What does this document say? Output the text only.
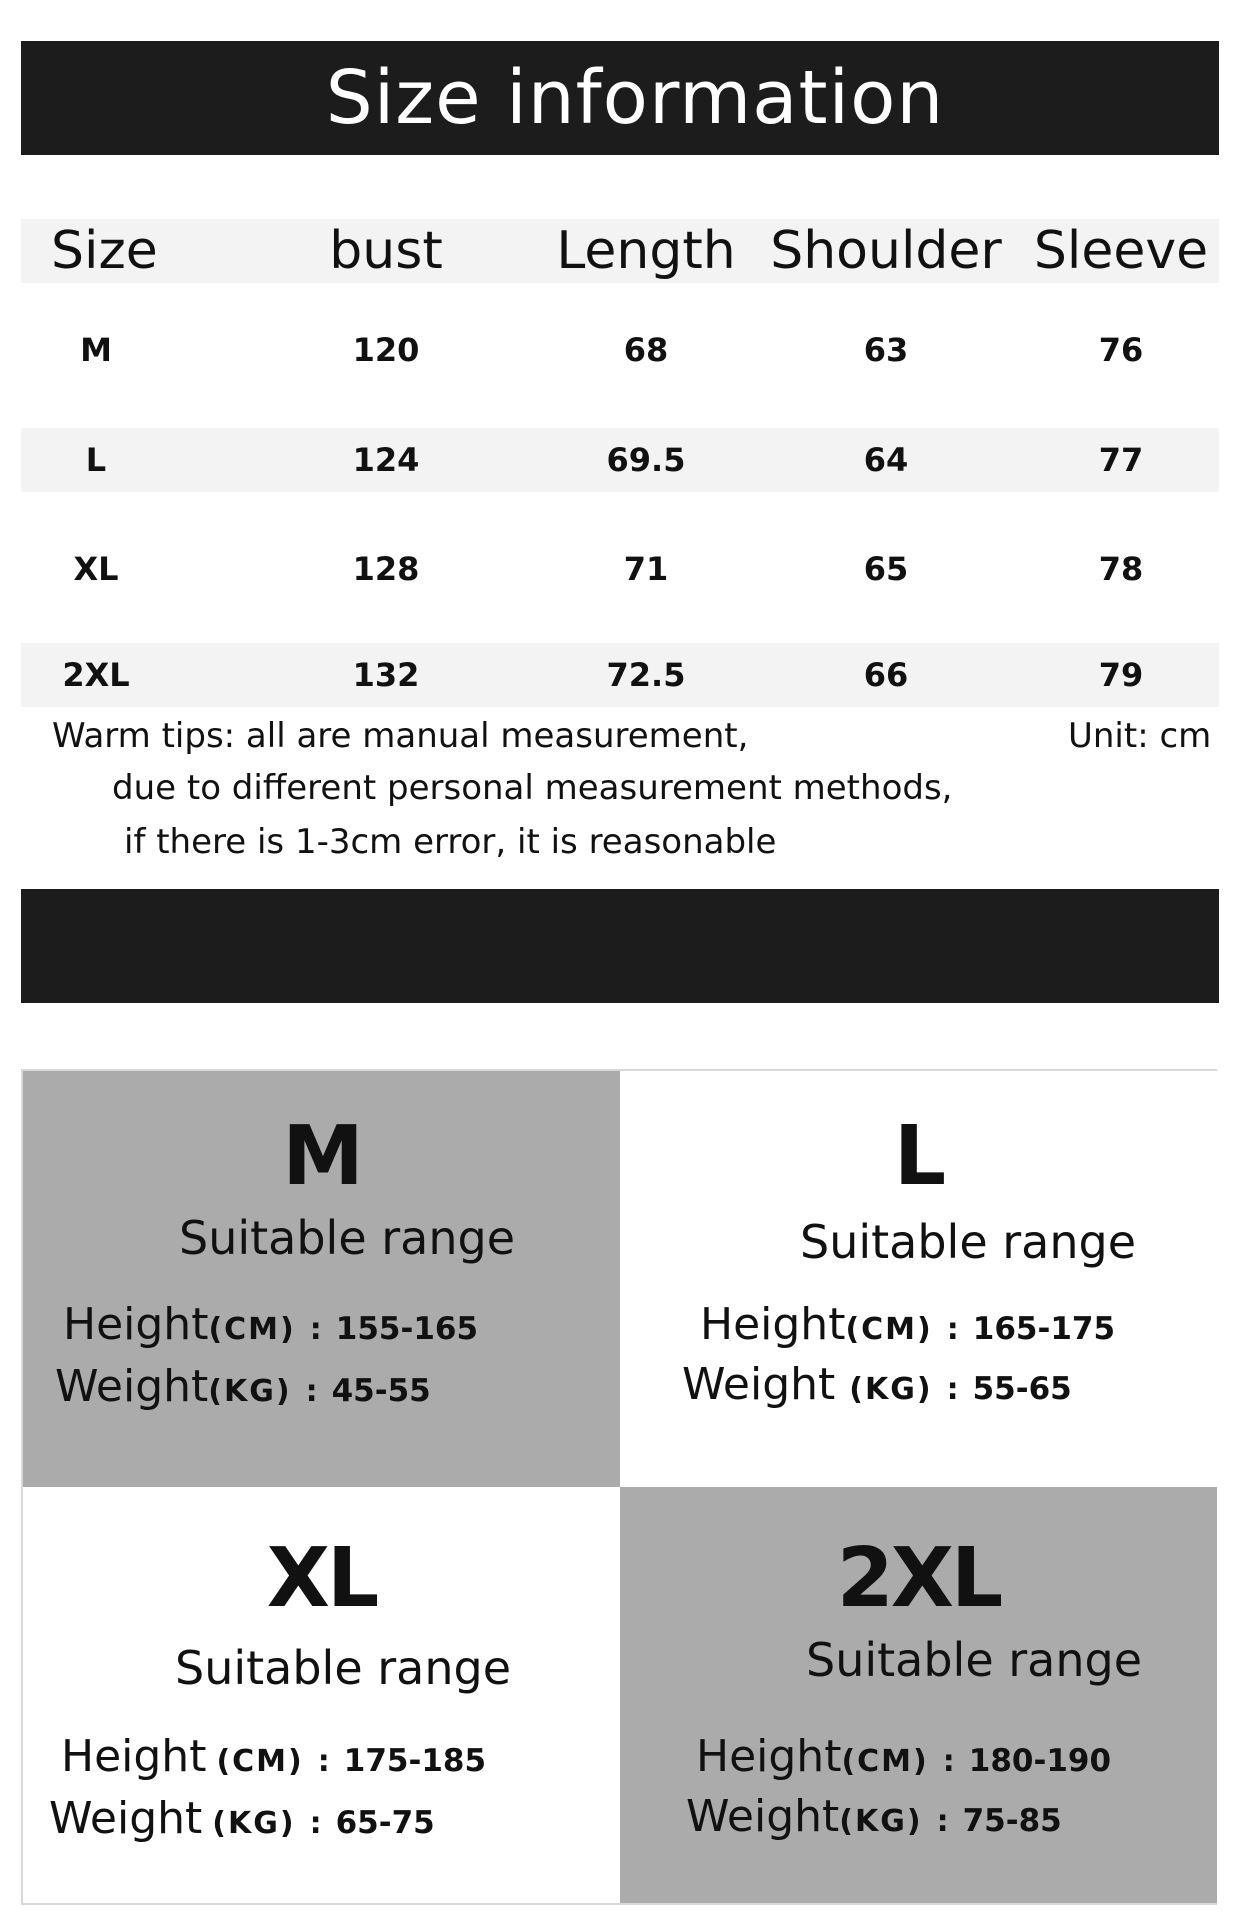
Size information
Size	bust	Length Shoulder Sleeve
M	120	68	63	76
L	124	69.5	64	77
XL	128	71	65	78
2XL	132	72.5	66	79
Warm tips: all are manual measurement,
due to different personal measurement methods,
if there is 1-3cm error, it is reasonable
Unit: cm
M
Suitable range
Height(CM) : 155-165
Weight(KG) : 45-55
L
Suitable range
Height(CM) : 165-175
Weight (KG) : 55-65
XL
Suitable range
Height (CM) : 175-185
Weight (KG) : 65-75
2XL
Suitable range
Height(CM) : 180-190
Weight(KG) : 75-85
